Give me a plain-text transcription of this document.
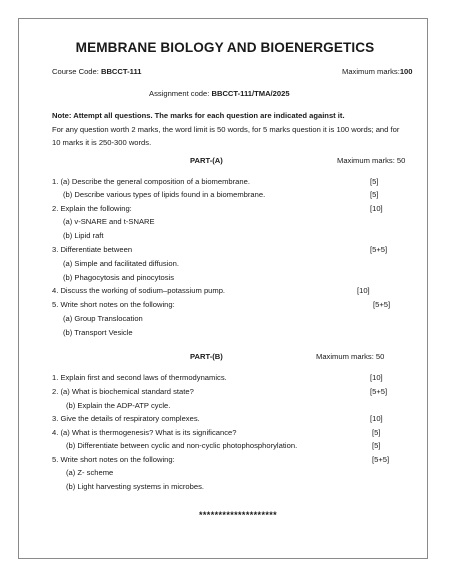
MEMBRANE BIOLOGY AND BIOENERGETICS
Course Code: BBCCT-111	Maximum marks:100
Assignment code: BBCCT-111/TMA/2025
Note: Attempt all questions. The marks for each question are indicated against it.
For any question worth 2 marks, the word limit is 50 words, for 5 marks question it is 100 words; and for
10 marks it is 250-300 words.
PART-(A)	Maximum marks: 50
1. (a) Describe the general composition of a biomembrane.	[5]
(b) Describe various types of lipids found in a biomembrane.	[5]
2. Explain the following:	[10]
(a) v-SNARE and t-SNARE
(b) Lipid raft
3. Differentiate between	[5+5]
(a) Simple and facilitated diffusion.
(b) Phagocytosis and pinocytosis
4. Discuss the working of sodium–potassium pump.	[10]
5. Write short notes on the following:	[5+5]
(a) Group Translocation
(b) Transport Vesicle
PART-(B)	Maximum marks: 50
1. Explain first and second laws of thermodynamics.	[10]
2. (a) What is biochemical standard state?	[5+5]
(b) Explain the ADP-ATP cycle.
3. Give the details of respiratory complexes.	[10]
4. (a) What is thermogenesis? What is its significance?	[5]
(b) Differentiate between cyclic and non-cyclic photophosphorylation.	[5]
5. Write short notes on the following:	[5+5]
(a) Z- scheme
(b) Light harvesting systems in microbes.
********************
